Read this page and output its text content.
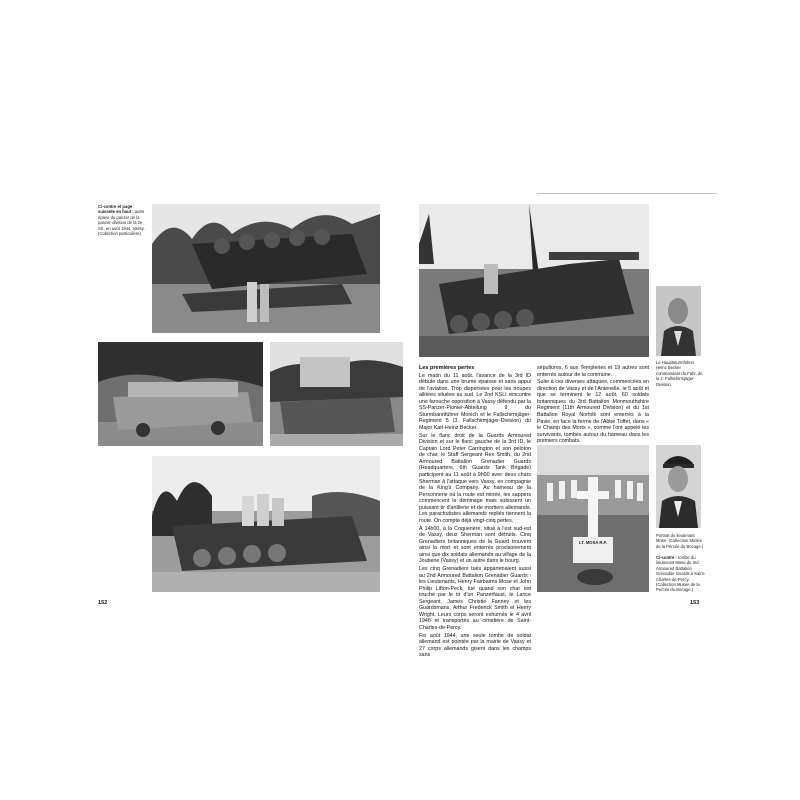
Ci-contre et page suivante en haut : autre épave du panzer de la panzer-division de la 2e SS, en août 1944, Vassy. (Collection particulière)
152
Le Hauptsturmführer Heinz Becker commandant du Fahr. de la 2. Fallschirmjäger-Division.
Les premières pertes

Le matin du 11 août, l'avance de la 3rd ID débute dans une brume épaisse et sans appui de l'aviation. Trop dispersées pour les troupes allières situées au sud. Le 2nd KSLI rencontre une farouche opposition à Vassy défendu par la SS-Panzer-Pionier-Abteilung 9 du Sturmbannführer Monich et le Fallschirmjäger-Regiment 5 (3. Fallschirmjäger-Division) du Major Karl-Heinz Becker.

Sur le flanc droit de la Guards Armoured Division et sur le flanc gauche de la 3rd ID, le Captain Lord Peter Carrington et son peloton de char, le Staff Sergeant Rex Smith, du 2nd Armoured Battalion Grenadier Guards (Headquarters, 6th Guards Tank Brigade) participent au 11 août à 9h00 avec deux chars Sherman à l'attaque vers Vassy, en compagnie de la King's Company. Au hameau de la Personnerie où la route est minée, les sappers commencent le déminage mais subissent un puissant tir d'artillerie et de mortiers allemands. Les parachutistes allemands repliés tiennent la route. On compte déjà vingt-cinq pertes.

À 14h00, à la Coquerière, situé à l'est sud-est de Vassy, deux Sherman sont détruits. Cinq Grenadiers britanniques de la Guard trouvent ainsi la mort et sont enterrés provisoirement ainsi que dix soldats allemands au village de la Jouberie (Vassy) et un autre dans le bourg.

Les cinq Grenadiers tués appartenaient aussi au 2nd Armoured Battalion Grenadier Guards : les Lieutenants, Henry Fairbairns Mose et John Philip Lifton-Peck, tué quand son char est touché par le tir d'un Panzerfaust, le Lance Sergeant, James Christie Fanney et les Guardsmans, Arthur Frederick Smith et Henry Wright. Leurs corps seront exhumés le 4 avril 1946 et transportés au cimetière de Saint-Charles-de-Percy.

Fin août 1944, une seule tombe de soldat allemand est pointée par la mairie de Vassy et 27 corps allemands gisent dans les champs sans

sépultures, 6 aux Templeries et 19 autres sont enterrés autour de la commune.

Suite à ces diverses attaques, commencées en direction de Vassy et de l'Antenelle, le 5 août et que se terminent le 12 août, 60 soldats britanniques du 3rd Battalion Monmouthshire Regiment (11th Armoured Division) et du 1st Battalion Royal Norfolk sont enterrés à la Pavie, en face la ferme de l'Abbé Tuffet, dans « le Champ des Morts », comme l'ont appelé les survivants, tombés autour du hameau dans les premiers combats.

LT. MOSA R.F.
Portrait du lieutenant Mose. (Collection Musée de la Percée du Bocage.)
Ci-contre : tombe du lieutenant Mose du 3rd Armoured Battalion Grenadier Guards à Saint-Charles-de-Percy. (Collection Musée de la Percée du Bocage.)
153
